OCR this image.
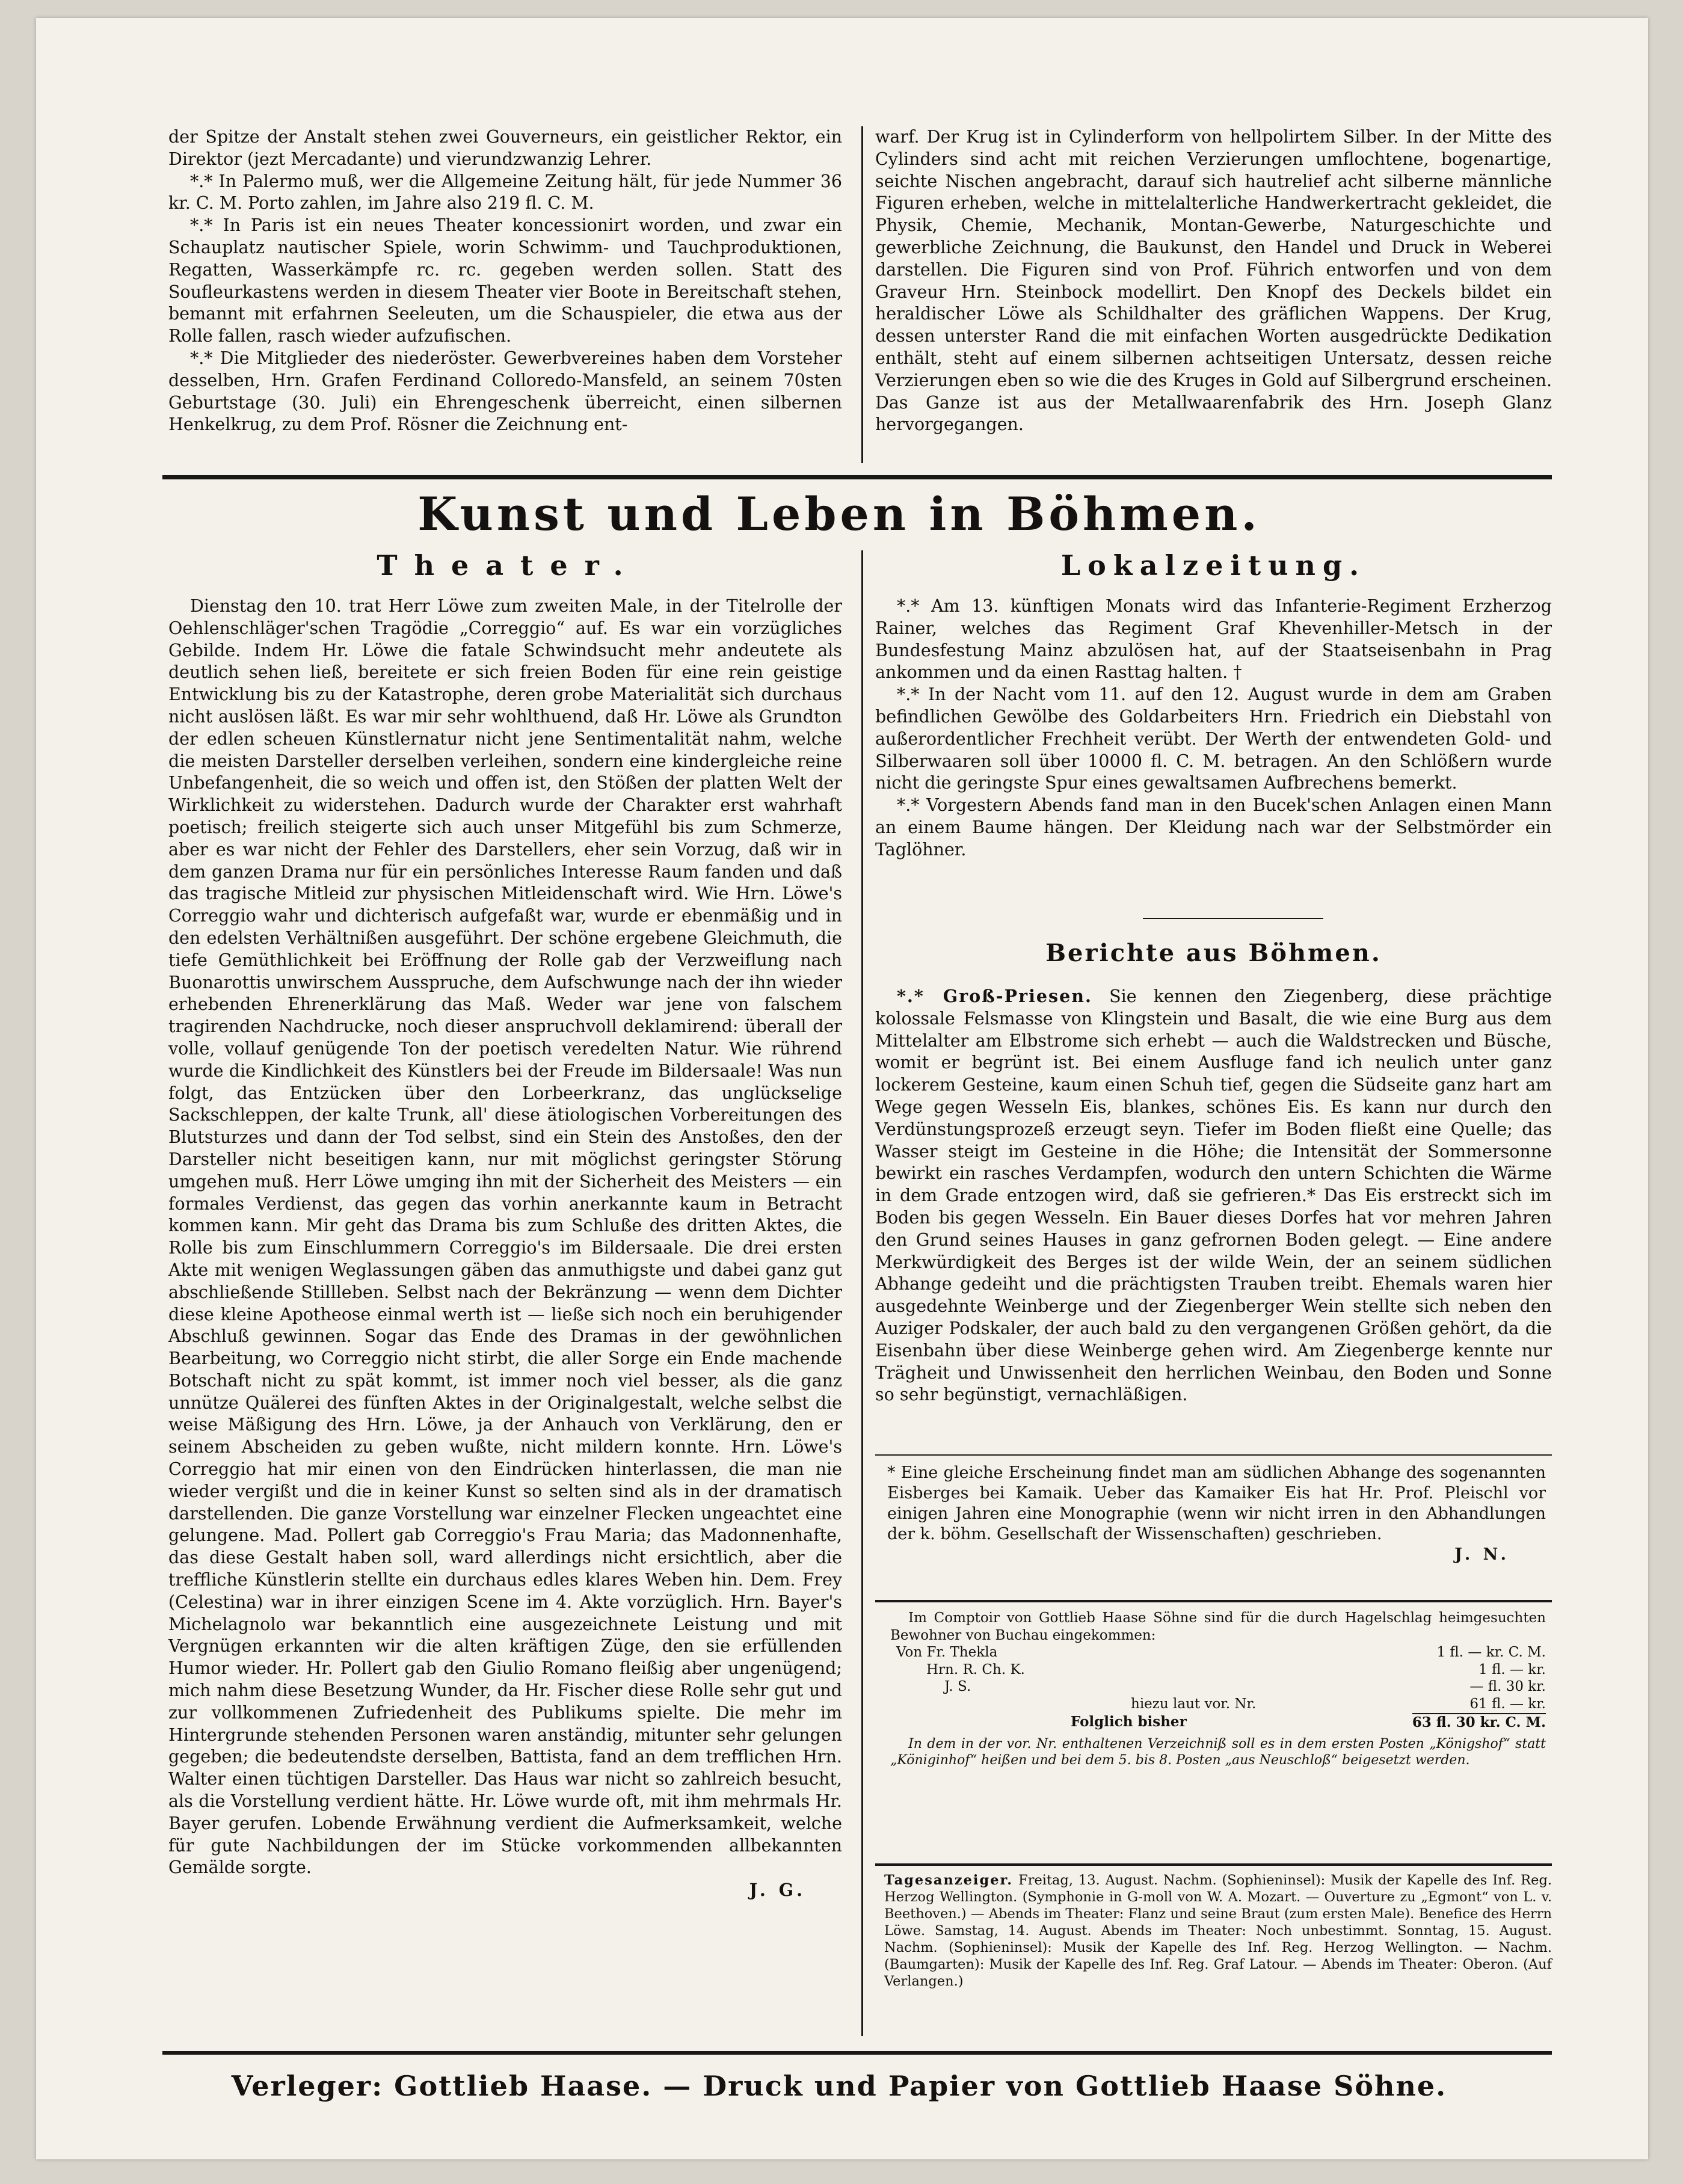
der Spitze der Anstalt stehen zwei Gouverneurs, ein geistlicher Rektor, ein Direktor (jezt Mercadante) und vierundzwanzig Lehrer.

*.* In Palermo muß, wer die Allgemeine Zeitung hält, für jede Nummer 36 kr. C. M. Porto zahlen, im Jahre also 219 fl. C. M.

*.* In Paris ist ein neues Theater koncessionirt worden, und zwar ein Schauplatz nautischer Spiele, worin Schwimm- und Tauchproduktionen, Regatten, Wasserkämpfe rc. rc. gegeben werden sollen. Statt des Soufleurkastens werden in diesem Theater vier Boote in Bereitschaft stehen, bemannt mit erfahrnen Seeleuten, um die Schauspieler, die etwa aus der Rolle fallen, rasch wieder aufzufischen.

*.* Die Mitglieder des niederöster. Gewerbvereines haben dem Vorsteher desselben, Hrn. Grafen Ferdinand Colloredo-Mansfeld, an seinem 70sten Geburtstage (30. Juli) ein Ehrengeschenk überreicht, einen silbernen Henkelkrug, zu dem Prof. Rösner die Zeichnung ent-

warf. Der Krug ist in Cylinderform von hellpolirtem Silber. In der Mitte des Cylinders sind acht mit reichen Verzierungen umflochtene, bogenartige, seichte Nischen angebracht, darauf sich hautrelief acht silberne männliche Figuren erheben, welche in mittelalterliche Handwerkertracht gekleidet, die Physik, Chemie, Mechanik, Montan-Gewerbe, Naturgeschichte und gewerbliche Zeichnung, die Baukunst, den Handel und Druck in Weberei darstellen. Die Figuren sind von Prof. Führich entworfen und von dem Graveur Hrn. Steinbock modellirt. Den Knopf des Deckels bildet ein heraldischer Löwe als Schildhalter des gräflichen Wappens. Der Krug, dessen unterster Rand die mit einfachen Worten ausgedrückte Dedikation enthält, steht auf einem silbernen achtseitigen Untersatz, dessen reiche Verzierungen eben so wie die des Kruges in Gold auf Silbergrund erscheinen. Das Ganze ist aus der Metallwaarenfabrik des Hrn. Joseph Glanz hervorgegangen.

Kunst und Leben in Böhmen.
Theater.

Dienstag den 10. trat Herr Löwe zum zweiten Male, in der Titelrolle der Oehlenschläger'schen Tragödie „Correggio“ auf. Es war ein vorzügliches Gebilde. Indem Hr. Löwe die fatale Schwindsucht mehr andeutete als deutlich sehen ließ, bereitete er sich freien Boden für eine rein geistige Entwicklung bis zu der Katastrophe, deren grobe Materialität sich durchaus nicht auslösen läßt. Es war mir sehr wohlthuend, daß Hr. Löwe als Grundton der edlen scheuen Künstlernatur nicht jene Sentimentalität nahm, welche die meisten Darsteller derselben verleihen, sondern eine kindergleiche reine Unbefangenheit, die so weich und offen ist, den Stößen der platten Welt der Wirklichkeit zu widerstehen. Dadurch wurde der Charakter erst wahrhaft poetisch; freilich steigerte sich auch unser Mitgefühl bis zum Schmerze, aber es war nicht der Fehler des Darstellers, eher sein Vorzug, daß wir in dem ganzen Drama nur für ein persönliches Interesse Raum fanden und daß das tragische Mitleid zur physischen Mitleidenschaft wird. Wie Hrn. Löwe's Correggio wahr und dichterisch aufgefaßt war, wurde er ebenmäßig und in den edelsten Verhältnißen ausgeführt. Der schöne ergebene Gleichmuth, die tiefe Gemüthlichkeit bei Eröffnung der Rolle gab der Verzweiflung nach Buonarottis unwirschem Ausspruche, dem Aufschwunge nach der ihn wieder erhebenden Ehrenerklärung das Maß. Weder war jene von falschem tragirenden Nachdrucke, noch dieser anspruchvoll deklamirend: überall der volle, vollauf genügende Ton der poetisch veredelten Natur. Wie rührend wurde die Kindlichkeit des Künstlers bei der Freude im Bildersaale! Was nun folgt, das Entzücken über den Lorbeerkranz, das unglückselige Sackschleppen, der kalte Trunk, all' diese ätiologischen Vorbereitungen des Blutsturzes und dann der Tod selbst, sind ein Stein des Anstoßes, den der Darsteller nicht beseitigen kann, nur mit möglichst geringster Störung umgehen muß. Herr Löwe umging ihn mit der Sicherheit des Meisters — ein formales Verdienst, das gegen das vorhin anerkannte kaum in Betracht kommen kann. Mir geht das Drama bis zum Schluße des dritten Aktes, die Rolle bis zum Einschlummern Correggio's im Bildersaale. Die drei ersten Akte mit wenigen Weglassungen gäben das anmuthigste und dabei ganz gut abschließende Stillleben. Selbst nach der Bekränzung — wenn dem Dichter diese kleine Apotheose einmal werth ist — ließe sich noch ein beruhigender Abschluß gewinnen. Sogar das Ende des Dramas in der gewöhnlichen Bearbeitung, wo Correggio nicht stirbt, die aller Sorge ein Ende machende Botschaft nicht zu spät kommt, ist immer noch viel besser, als die ganz unnütze Quälerei des fünften Aktes in der Originalgestalt, welche selbst die weise Mäßigung des Hrn. Löwe, ja der Anhauch von Verklärung, den er seinem Abscheiden zu geben wußte, nicht mildern konnte. Hrn. Löwe's Correggio hat mir einen von den Eindrücken hinterlassen, die man nie wieder vergißt und die in keiner Kunst so selten sind als in der dramatisch darstellenden. Die ganze Vorstellung war einzelner Flecken ungeachtet eine gelungene. Mad. Pollert gab Correggio's Frau Maria; das Madonnenhafte, das diese Gestalt haben soll, ward allerdings nicht ersichtlich, aber die treffliche Künstlerin stellte ein durchaus edles klares Weben hin. Dem. Frey (Celestina) war in ihrer einzigen Scene im 4. Akte vorzüglich. Hrn. Bayer's Michelagnolo war bekanntlich eine ausgezeichnete Leistung und mit Vergnügen erkannten wir die alten kräftigen Züge, den sie erfüllenden Humor wieder. Hr. Pollert gab den Giulio Romano fleißig aber ungenügend; mich nahm diese Besetzung Wunder, da Hr. Fischer diese Rolle sehr gut und zur vollkommenen Zufriedenheit des Publikums spielte. Die mehr im Hintergrunde stehenden Personen waren anständig, mitunter sehr gelungen gegeben; die bedeutendste derselben, Battista, fand an dem trefflichen Hrn. Walter einen tüchtigen Darsteller. Das Haus war nicht so zahlreich besucht, als die Vorstellung verdient hätte. Hr. Löwe wurde oft, mit ihm mehrmals Hr. Bayer gerufen. Lobende Erwähnung verdient die Aufmerksamkeit, welche für gute Nachbildungen der im Stücke vorkommenden allbekannten Gemälde sorgte.

J. G.
Lokalzeitung.

*.* Am 13. künftigen Monats wird das Infanterie-Regiment Erzherzog Rainer, welches das Regiment Graf Khevenhiller-Metsch in der Bundesfestung Mainz abzulösen hat, auf der Staatseisenbahn in Prag ankommen und da einen Rasttag halten. †

*.* In der Nacht vom 11. auf den 12. August wurde in dem am Graben befindlichen Gewölbe des Goldarbeiters Hrn. Friedrich ein Diebstahl von außerordentlicher Frechheit verübt. Der Werth der entwendeten Gold- und Silberwaaren soll über 10000 fl. C. M. betragen. An den Schlößern wurde nicht die geringste Spur eines gewaltsamen Aufbrechens bemerkt.

*.* Vorgestern Abends fand man in den Bucek'schen Anlagen einen Mann an einem Baume hängen. Der Kleidung nach war der Selbstmörder ein Taglöhner.

Berichte aus Böhmen.

*.* Groß-Priesen. Sie kennen den Ziegenberg, diese prächtige kolossale Felsmasse von Klingstein und Basalt, die wie eine Burg aus dem Mittelalter am Elbstrome sich erhebt — auch die Waldstrecken und Büsche, womit er begrünt ist. Bei einem Ausfluge fand ich neulich unter ganz lockerem Gesteine, kaum einen Schuh tief, gegen die Südseite ganz hart am Wege gegen Wesseln Eis, blankes, schönes Eis. Es kann nur durch den Verdünstungsprozeß erzeugt seyn. Tiefer im Boden fließt eine Quelle; das Wasser steigt im Gesteine in die Höhe; die Intensität der Sommersonne bewirkt ein rasches Verdampfen, wodurch den untern Schichten die Wärme in dem Grade entzogen wird, daß sie gefrieren.* Das Eis erstreckt sich im Boden bis gegen Wesseln. Ein Bauer dieses Dorfes hat vor mehren Jahren den Grund seines Hauses in ganz gefrornen Boden gelegt. — Eine andere Merkwürdigkeit des Berges ist der wilde Wein, der an seinem südlichen Abhange gedeiht und die prächtigsten Trauben treibt. Ehemals waren hier ausgedehnte Weinberge und der Ziegenberger Wein stellte sich neben den Auziger Podskaler, der auch bald zu den vergangenen Größen gehört, da die Eisenbahn über diese Weinberge gehen wird. Am Ziegenberge kennte nur Trägheit und Unwissenheit den herrlichen Weinbau, den Boden und Sonne so sehr begünstigt, vernachläßigen.

* Eine gleiche Erscheinung findet man am südlichen Abhange des sogenannten Eisberges bei Kamaik. Ueber das Kamaiker Eis hat Hr. Prof. Pleischl vor einigen Jahren eine Monographie (wenn wir nicht irren in den Abhandlungen der k. böhm. Gesellschaft der Wissenschaften) geschrieben.

J. N.
Im Comptoir von Gottlieb Haase Söhne sind für die durch Hagelschlag heimgesuchten Bewohner von Buchau eingekommen:
Von Fr. Thekla	1 fl. — kr. C. M.
Hrn. R. Ch. K.	1 fl. — kr.
J. S.	— fl. 30 kr.
hiezu laut vor. Nr.	61 fl. — kr.
Folglich bisher	63 fl. 30 kr. C. M.
In dem in der vor. Nr. enthaltenen Verzeichniß soll es in dem ersten Posten „Königshof“ statt „Königinhof“ heißen und bei dem 5. bis 8. Posten „aus Neuschloß“ beigesetzt werden.
Tagesanzeiger. Freitag, 13. August. Nachm. (Sophieninsel): Musik der Kapelle des Inf. Reg. Herzog Wellington. (Symphonie in G-moll von W. A. Mozart. — Ouverture zu „Egmont“ von L. v. Beethoven.) — Abends im Theater: Flanz und seine Braut (zum ersten Male). Benefice des Herrn Löwe. Samstag, 14. August. Abends im Theater: Noch unbestimmt. Sonntag, 15. August. Nachm. (Sophieninsel): Musik der Kapelle des Inf. Reg. Herzog Wellington. — Nachm. (Baumgarten): Musik der Kapelle des Inf. Reg. Graf Latour. — Abends im Theater: Oberon. (Auf Verlangen.)
Verleger: Gottlieb Haase. — Druck und Papier von Gottlieb Haase Söhne.
